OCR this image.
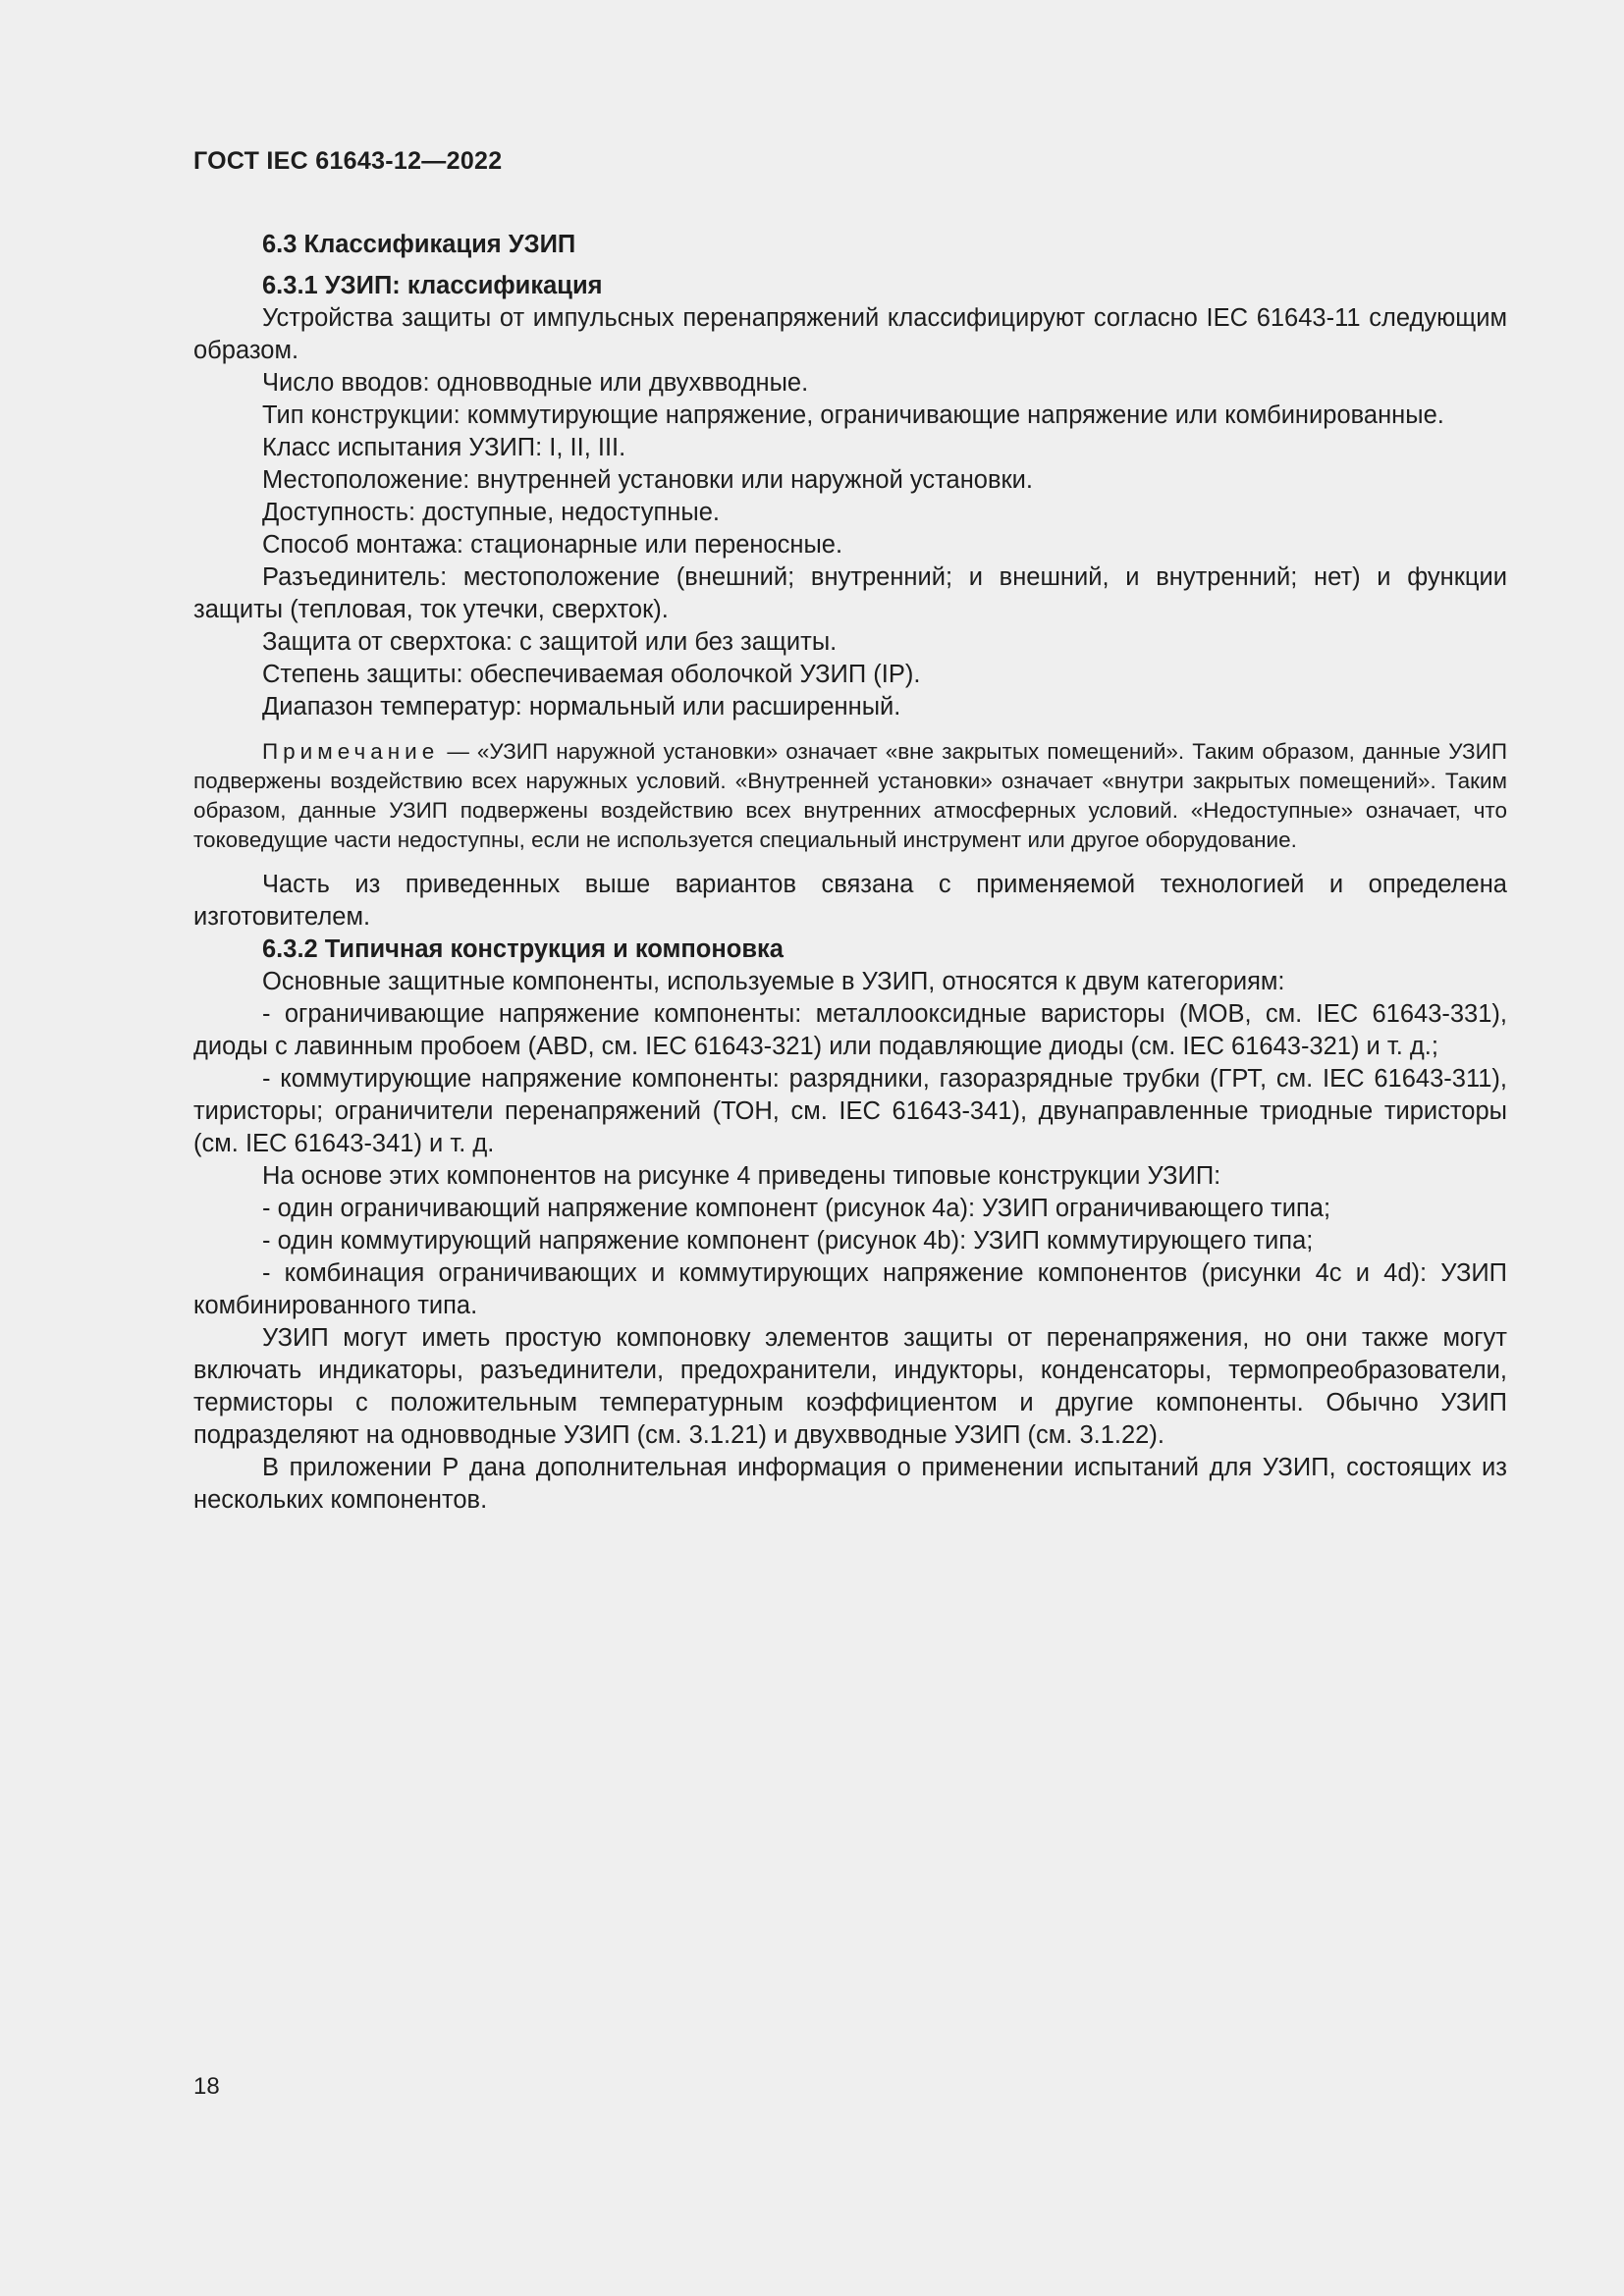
ГОСТ IEC 61643-12—2022

6.3 Классификация УЗИП

6.3.1 УЗИП: классификация

Устройства защиты от импульсных перенапряжений классифицируют согласно IEC 61643-11 следующим образом.

Число вводов: одновводные или двухвводные.

Тип конструкции: коммутирующие напряжение, ограничивающие напряжение или комбинированные.

Класс испытания УЗИП: I, II, III.

Местоположение: внутренней установки или наружной установки.

Доступность: доступные, недоступные.

Способ монтажа: стационарные или переносные.

Разъединитель: местоположение (внешний; внутренний; и внешний, и внутренний; нет) и функции защиты (тепловая, ток утечки, сверхток).

Защита от сверхтока: с защитой или без защиты.

Степень защиты: обеспечиваемая оболочкой УЗИП (IP).

Диапазон температур: нормальный или расширенный.

Примечание — «УЗИП наружной установки» означает «вне закрытых помещений». Таким образом, данные УЗИП подвержены воздействию всех наружных условий. «Внутренней установки» означает «внутри закрытых помещений». Таким образом, данные УЗИП подвержены воздействию всех внутренних атмосферных условий. «Недоступные» означает, что токоведущие части недоступны, если не используется специальный инструмент или другое оборудование.

Часть из приведенных выше вариантов связана с применяемой технологией и определена изготовителем.

6.3.2 Типичная конструкция и компоновка

Основные защитные компоненты, используемые в УЗИП, относятся к двум категориям:

- ограничивающие напряжение компоненты: металлооксидные варисторы (МОВ, см. IEC 61643-331), диоды с лавинным пробоем (ABD, см. IEC 61643-321) или подавляющие диоды (см. IEC 61643-321) и т. д.;

- коммутирующие напряжение компоненты: разрядники, газоразрядные трубки (ГРТ, см. IEC 61643-311), тиристоры; ограничители перенапряжений (ТОН, см. IEC 61643-341), двунаправленные триодные тиристоры (см. IEC 61643-341) и т. д.

На основе этих компонентов на рисунке 4 приведены типовые конструкции УЗИП:

- один ограничивающий напряжение компонент (рисунок 4a): УЗИП ограничивающего типа;

- один коммутирующий напряжение компонент (рисунок 4b): УЗИП коммутирующего типа;

- комбинация ограничивающих и коммутирующих напряжение компонентов (рисунки 4c и 4d): УЗИП комбинированного типа.

УЗИП могут иметь простую компоновку элементов защиты от перенапряжения, но они также могут включать индикаторы, разъединители, предохранители, индукторы, конденсаторы, термопреобразователи, термисторы с положительным температурным коэффициентом и другие компоненты. Обычно УЗИП подразделяют на одновводные УЗИП (см. 3.1.21) и двухвводные УЗИП (см. 3.1.22).

В приложении Р дана дополнительная информация о применении испытаний для УЗИП, состоящих из нескольких компонентов.

18
